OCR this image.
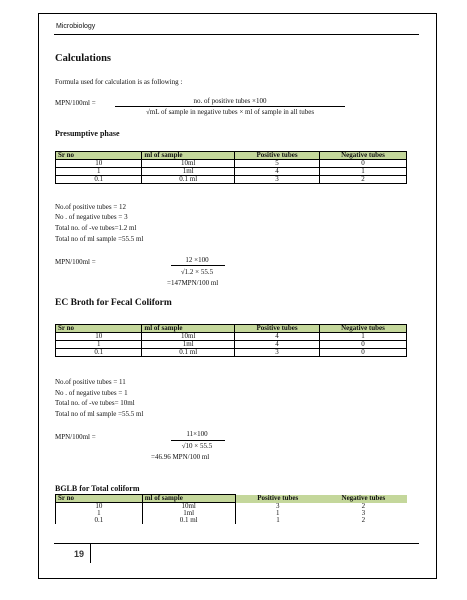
Microbiology
Calculations
Formula used for calculation is as following :
MPN/100ml =	no. of positive tubes ×100
√mL of sample in negative tubes × ml of sample in all tubes
Presumptive phase
Sr no	ml of sample	Positive tubes	Negative tubes
10	10ml	5	0
1	1ml	4	1
0.1	0.1 ml	3	2
No.of positive tubes = 12
No . of negative tubes = 3
Total no. of -ve tubes=1.2 ml
Total no of ml sample =55.5 ml
MPN/100ml =	12 ×100
√1.2 × 55.5
=147MPN/100 ml
EC Broth for Fecal Coliform
Sr no	ml of sample	Positive tubes	Negative tubes
10	10ml	4	1
1	1ml	4	0
0.1	0.1 ml	3	0
No.of positive tubes = 11
No . of negative tubes = 1
Total no. of -ve tubes= 10ml
Total no of ml sample =55.5 ml
MPN/100ml =	11×100
√10 × 55.5
=46.96 MPN/100 ml
BGLB for Total coliform
Sr no	ml of sample	Positive tubes	Negative tubes
10	10ml	3	2
1	1ml	1	3
0.1	0.1 ml	1	2
19
